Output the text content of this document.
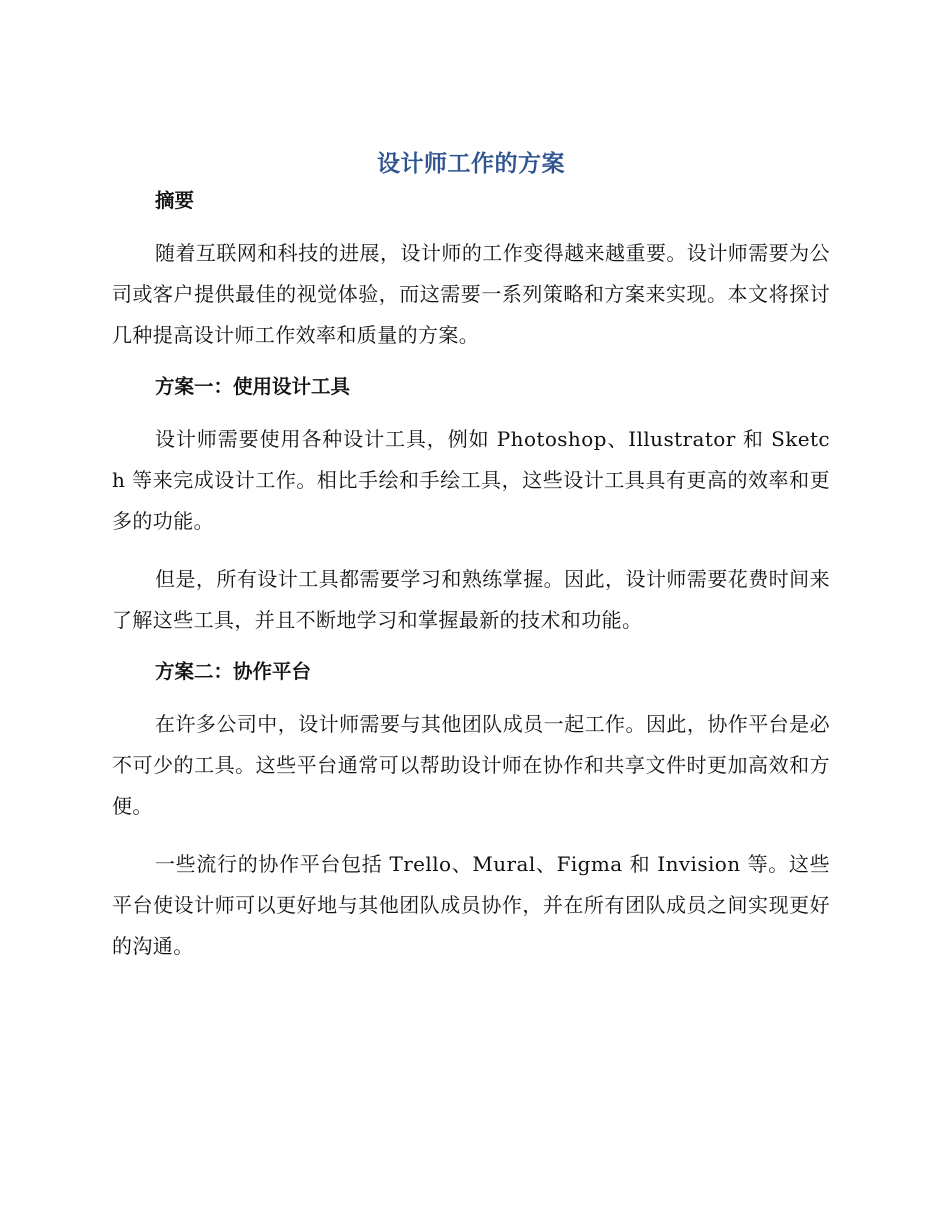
设计师工作的方案
摘要

随着互联网和科技的进展，设计师的工作变得越来越重要。设计师需要为公司或客户提供最佳的视觉体验，而这需要一系列策略和方案来实现。本文将探讨几种提高设计师工作效率和质量的方案。

方案一：使用设计工具

设计师需要使用各种设计工具，例如 Photoshop、Illustrator 和 Sketch 等来完成设计工作。相比手绘和手绘工具，这些设计工具具有更高的效率和更多的功能。

但是，所有设计工具都需要学习和熟练掌握。因此，设计师需要花费时间来了解这些工具，并且不断地学习和掌握最新的技术和功能。

方案二：协作平台

在许多公司中，设计师需要与其他团队成员一起工作。因此，协作平台是必不可少的工具。这些平台通常可以帮助设计师在协作和共享文件时更加高效和方便。

一些流行的协作平台包括 Trello、Mural、Figma 和 Invision 等。这些平台使设计师可以更好地与其他团队成员协作，并在所有团队成员之间实现更好的沟通。
